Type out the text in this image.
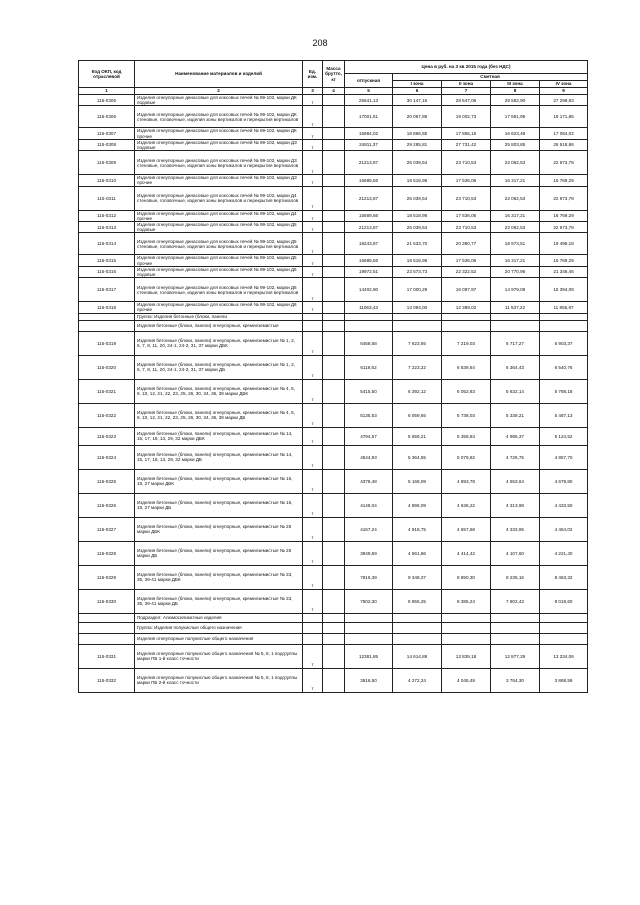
208
Код ОКП, код отраслевой	Наименование материалов и изделий	Ед. изм.	Масса брутто, кг	Цена в руб. на 3 кв 2015 года (без НДС)				
				отпускная	Сметная			
					I зона	II зона	III зона	IV зона
1	2	3	4	5	6	7	8	9
115-0305	Изделия огнеупорные динасовые для коксовых печей № 99-102, марки ДК подовые	т		25541,13	30 147,16	28 547,06	28 582,90	27 298,83
115-0306	Изделия огнеупорные динасовые для коксовых печей № 99-102, марки ДК стеновые, головочные, изделия зоны вертикалов и перекрытия вертикалов	т		17001,61	20 067,88	19 002,73	17 681,95	18 171,85
115-0307	Изделия огнеупорные динасовые для коксовых печей № 99-102, марки ДК прочие	т		15984,02	18 866,55	17 865,16	16 623,48	17 084,02
115-0308	Изделия огнеупорные динасовые для коксовых печей № 99-102, марки ДЗ подовые	т		24811,37	29 285,81	27 731,42	25 803,85	26 518,86
115-0309	Изделия огнеупорные динасовые для коксовых печей № 99-102, марки ДЗ стеновые, головочные, изделия зоны вертикалов и перекрытия вертикалов	т		21213,87	25 039,54	23 710,53	22 062,53	22 673,78
115-0310	Изделия огнеупорные динасовые для коксовых печей № 99-102, марки ДЗ прочие	т		15689,56	18 518,98	17 536,06	16 317,21	16 769,29
115-0311	Изделия огнеупорные динасовые для коксовых печей № 99-102, марки Д4 стеновые, головочные, изделия зоны вертикалов и перекрытия вертикалов	т		21213,87	25 039,54	23 710,53	22 062,53	22 673,78
115-0312	Изделия огнеупорные динасовые для коксовых печей № 99-102, марки Д4 прочие	т		15689,56	18 518,98	17 536,06	16 317,21	16 769,29
115-0313	Изделия огнеупорные динасовые для коксовых печей № 99-102, марки Д5 подовые	т		21213,87	25 039,54	23 710,53	22 062,53	22 673,78
115-0314	Изделия огнеупорные динасовые для коксовых печей № 99-102, марки Д5 стеновые, головочные, изделия зоны вертикалов и перекрытия вертикалов	т		18243,87	21 533,70	20 390,77	18 973,51	19 499,18
115-0315	Изделия огнеупорные динасовые для коксовых печей № 99-102, марки Д5 прочие	т		15689,56	18 518,98	17 536,06	16 317,21	16 769,29
115-0316	Изделия огнеупорные динасовые для коксовых печей № 99-102, марки Д6 подовые	т		19972,51	23 573,73	22 322,52	20 770,96	21 346,46
115-0317	Изделия огнеупорные динасовые для коксовых печей № 99-102, марки Д6 стеновые, головочные, изделия зоны вертикалов и перекрытия вертикалов	т		14402,90	17 000,29	16 097,97	14 979,08	15 394,08
115-0318	Изделия огнеупорные динасовые для коксовых печей № 99-102, марки Д6 прочие	т		11063,43	13 084,00	12 389,02	11 537,22	11 855,87
	Группа: Изделия бетонные (блоки, панели							
	Изделия бетонные (блоки, панели) огнеупорные, кремнеземистые							
115-0319	Изделия бетонные (блоки, панели) огнеупорные, кремнеземистые № 1, 2, 6, 7, 8, 11, 20, 24-1, 24-2, 31, 37 марки ДБК	т		6458,68	7 623,65	7 219,03	6 717,27	6 903,37
115-0320	Изделия бетонные (блоки, панели) огнеупорные, кремнеземистые № 1, 2, 6, 7, 8, 11, 20, 24-1, 24-2, 31, 37 марки ДБ	т		6118,62	7 223,22	6 839,64	6 364,43	6 540,76
115-0321	Изделия бетонные (блоки, панели) огнеупорные, кремнеземистые № 4, 5, 9, 10, 12, 21, 22, 23, 25, 26, 30, 34, 36, 38 марки ДБК	т		5415,50	6 392,12	6 052,83	5 632,14	5 788,18
115-0322	Изделия бетонные (блоки, панели) огнеупорные, кремнеземистые № 4, 5, 9, 10, 12, 21, 22, 23, 25, 26, 30, 34, 36, 38 марки ДБ	т		5135,53	6 059,65	5 738,03	5 339,21	5 487,13
115-0323	Изделия бетонные (блоки, панели) огнеупорные, кремнеземистые № 14, 15, 17, 18, 13, 29, 32 марки ДБК	т		4794,57	5 659,21	5 358,84	4 986,37	5 124,52
115-0324	Изделия бетонные (блоки, панели) огнеупорные, кремнеземистые № 14, 15, 17, 18, 13, 29, 32 марки ДБ	т		4544,93	5 364,55	5 079,82	4 726,75	4 857,70
115-0325	Изделия бетонные (блоки, панели) огнеупорные, кремнеземистые № 16, 19, 27 марки ДБК	т		4378,48	5 168,09	4 893,78	4 553,64	4 679,80
115-0326	Изделия бетонные (блоки, панели) огнеупорные, кремнеземистые № 16, 19, 27 марки ДБ	т		4148,04	4 896,09	4 636,22	4 313,98	4 433,50
115-0327	Изделия бетонные (блоки, панели) огнеупорные, кремнеземистые № 28 марки ДБК	т		4167,24	4 918,75	4 657,68	4 333,95	4 454,02
115-0328	Изделия бетонные (блоки, панели) огнеупорные, кремнеземистые № 28 марки ДБ	т		3949,59	4 661,86	4 414,42	4 107,60	4 221,40
115-0329	Изделия бетонные (блоки, панели) огнеупорные, кремнеземистые № 33, 35, 39-41 марки ДБК	т		7916,39	9 348,37	8 850,30	8 235,16	8 463,32
115-0330	Изделия бетонные (блоки, панели) огнеупорные, кремнеземистые № 33, 35, 39-41 марки ДБ	т		7502,30	8 855,25	8 385,24	7 802,43	8 018,60
	Подраздел: Алюмосиликатные изделия							
	Группа: Изделия полукислые общего назначения							
	Изделия огнеупорные полукислые общего назначения							
115-0331	Изделия огнеупорные полукислые общего назначения № 5, 8, 1 подгруппы марки ПБ 1-й класс точности	т		12381,85	14 614,89	13 839,18	12 877,29	13 234,06
115-0332	Изделия огнеупорные полукислые общего назначения № 5, 8, 1 подгруппы марки ПБ 2-й класс точности	т		3616,50	4 272,24	4 045,49	3 764,30	3 868,59
